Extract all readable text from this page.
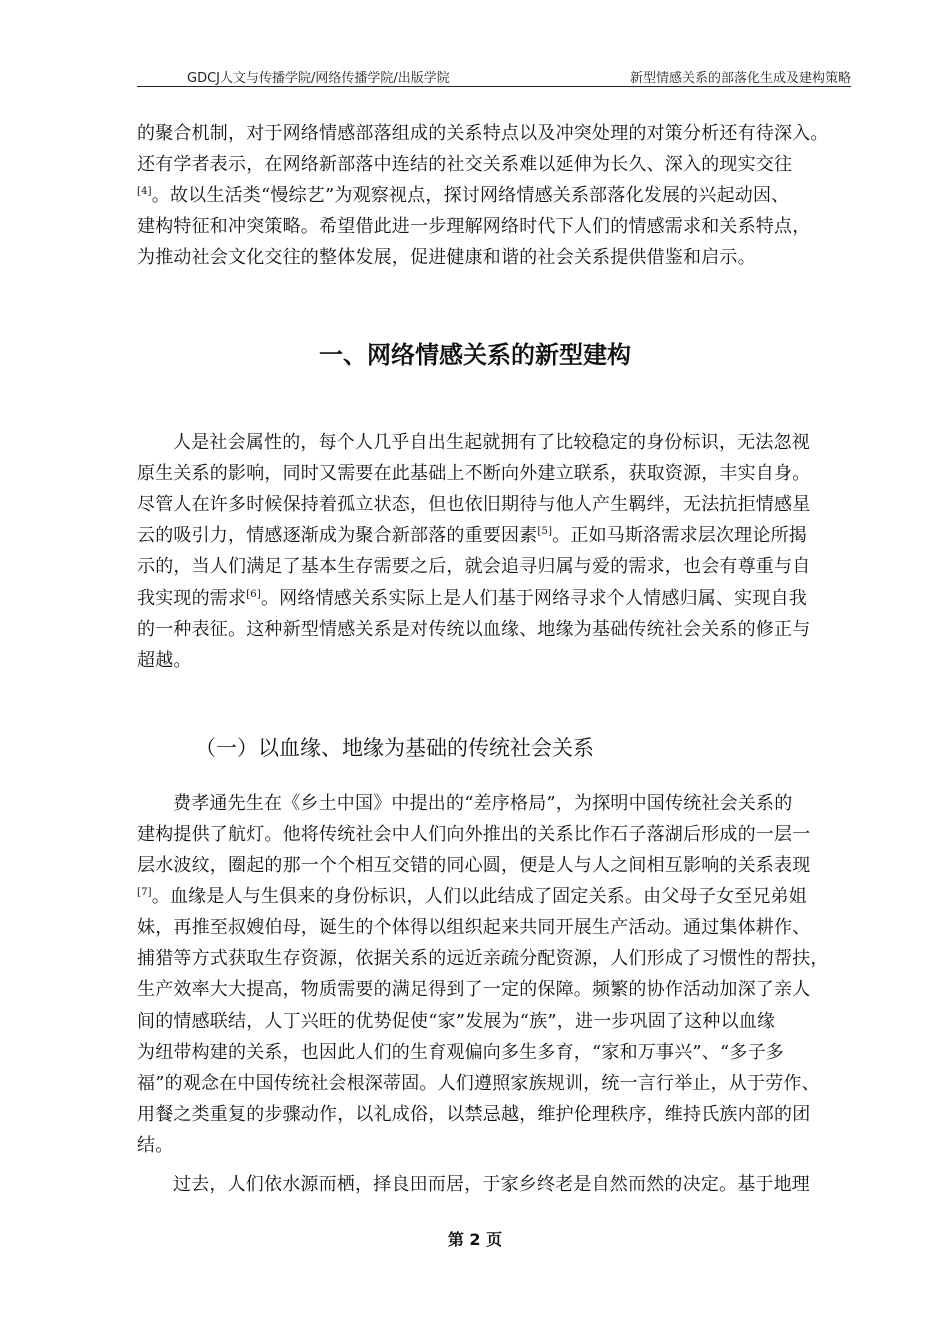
GDCJ人文与传播学院/网络传播学院/出版学院	新型情感关系的部落化生成及建构策略
的聚合机制，对于网络情感部落组成的关系特点以及冲突处理的对策分析还有待深入。
还有学者表示，在网络新部落中连结的社交关系难以延伸为长久、深入的现实交往
[4]。故以生活类“慢综艺”为观察视点，探讨网络情感关系部落化发展的兴起动因、
建构特征和冲突策略。希望借此进一步理解网络时代下人们的情感需求和关系特点，
为推动社会文化交往的整体发展，促进健康和谐的社会关系提供借鉴和启示。
一、网络情感关系的新型建构
人是社会属性的，每个人几乎自出生起就拥有了比较稳定的身份标识，无法忽视
原生关系的影响，同时又需要在此基础上不断向外建立联系，获取资源，丰实自身。
尽管人在许多时候保持着孤立状态，但也依旧期待与他人产生羁绊，无法抗拒情感星
云的吸引力，情感逐渐成为聚合新部落的重要因素[5]。正如马斯洛需求层次理论所揭
示的，当人们满足了基本生存需要之后，就会追寻归属与爱的需求，也会有尊重与自
我实现的需求[6]。网络情感关系实际上是人们基于网络寻求个人情感归属、实现自我
的一种表征。这种新型情感关系是对传统以血缘、地缘为基础传统社会关系的修正与
超越。
（一）以血缘、地缘为基础的传统社会关系
费孝通先生在《乡土中国》中提出的“差序格局”，为探明中国传统社会关系的
建构提供了航灯。他将传统社会中人们向外推出的关系比作石子落湖后形成的一层一
层水波纹，圈起的那一个个相互交错的同心圆，便是人与人之间相互影响的关系表现
[7]。血缘是人与生俱来的身份标识，人们以此结成了固定关系。由父母子女至兄弟姐
妹，再推至叔嫂伯母，诞生的个体得以组织起来共同开展生产活动。通过集体耕作、
捕猎等方式获取生存资源，依据关系的远近亲疏分配资源，人们形成了习惯性的帮扶，
生产效率大大提高，物质需要的满足得到了一定的保障。频繁的协作活动加深了亲人
间的情感联结，人丁兴旺的优势促使“家”发展为“族”，进一步巩固了这种以血缘
为纽带构建的关系，也因此人们的生育观偏向多生多育，“家和万事兴”、“多子多
福”的观念在中国传统社会根深蒂固。人们遵照家族规训，统一言行举止，从于劳作、
用餐之类重复的步骤动作，以礼成俗，以禁忌越，维护伦理秩序，维持氏族内部的团
结。
过去，人们依水源而栖，择良田而居，于家乡终老是自然而然的决定。基于地理
第 2 页
